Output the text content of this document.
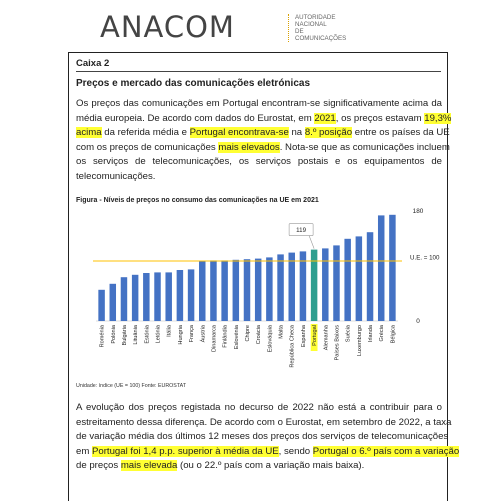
ANACOM	AUTORIDADE
NACIONAL
DE COMUNICAÇÕES
Caixa 2
Preços e mercado das comunicações eletrónicas
Os preços das comunicações em Portugal encontram-se significativamente acima da
média europeia. De acordo com dados do Eurostat, em 2021, os preços estavam 19,3%
acima da referida média e Portugal encontrava-se na 8.º posição entre os países da UE
com os preços de comunicações mais elevados. Nota-se que as comunicações incluem
os serviços de telecomunicações, os serviços postais e os equipamentos de
telecomunicações.
Figura - Níveis de preços no consumo das comunicações na UE em 2021
Roménia Polónia Bulgária Lituânia Estónia Letónia Itália Hungria França Áustria Dinamarca Finlândia Eslovénia Chipre Croácia Eslováquia Malta República Checa Espanha Portugal
119
Alemanha Países Baixos Suécia Luxemburgo Irlanda Grécia Bélgica
U.E. = 100
0
180
Unidade: índice (UE = 100) Fonte: EUROSTAT
A evolução dos preços registada no decurso de 2022 não está a contribuir para o
estreitamento dessa diferença. De acordo com o Eurostat, em setembro de 2022, a taxa
de variação média dos últimos 12 meses dos preços dos serviços de telecomunicações
em Portugal foi 1,4 p.p. superior à média da UE, sendo Portugal o 6.º país com a variação
de preços mais elevada (ou o 22.º país com a variação mais baixa).
